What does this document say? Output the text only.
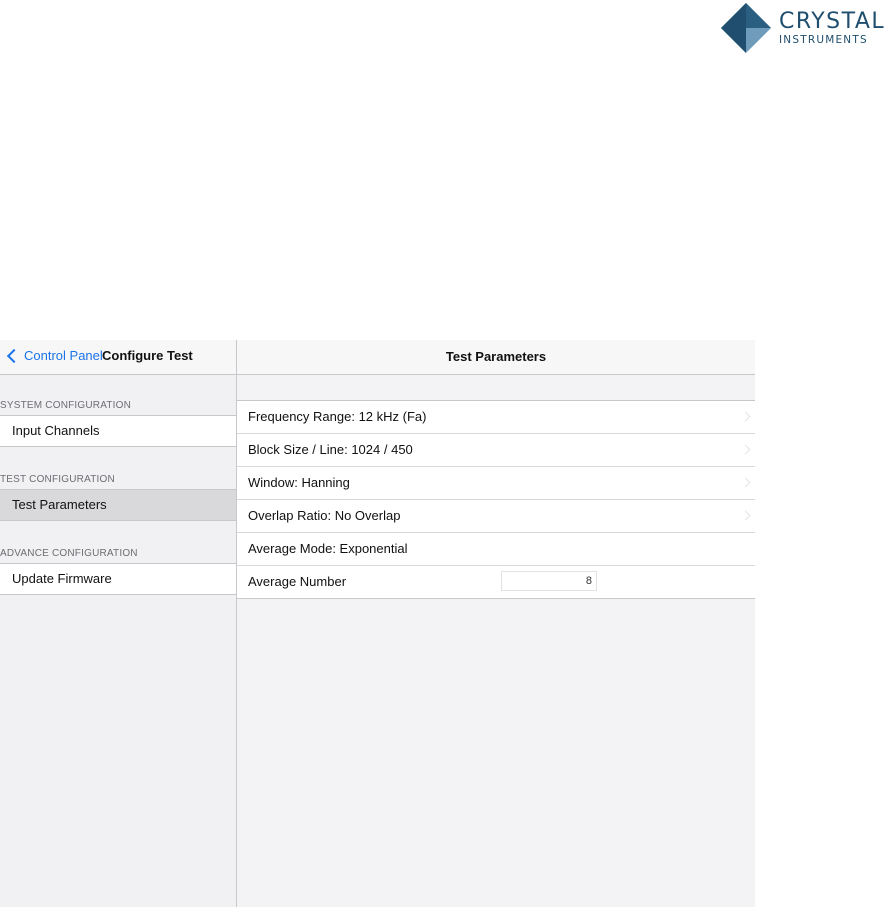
CRYSTAL
INSTRUMENTS
Control Panel Configure Test
SYSTEM CONFIGURATION
Input Channels
TEST CONFIGURATION
Test Parameters
ADVANCE CONFIGURATION
Update Firmware
Test Parameters
Frequency Range: 12 kHz (Fa)
Block Size / Line: 1024 / 450
Window: Hanning
Overlap Ratio: No Overlap
Average Mode: Exponential
Average Number
8
